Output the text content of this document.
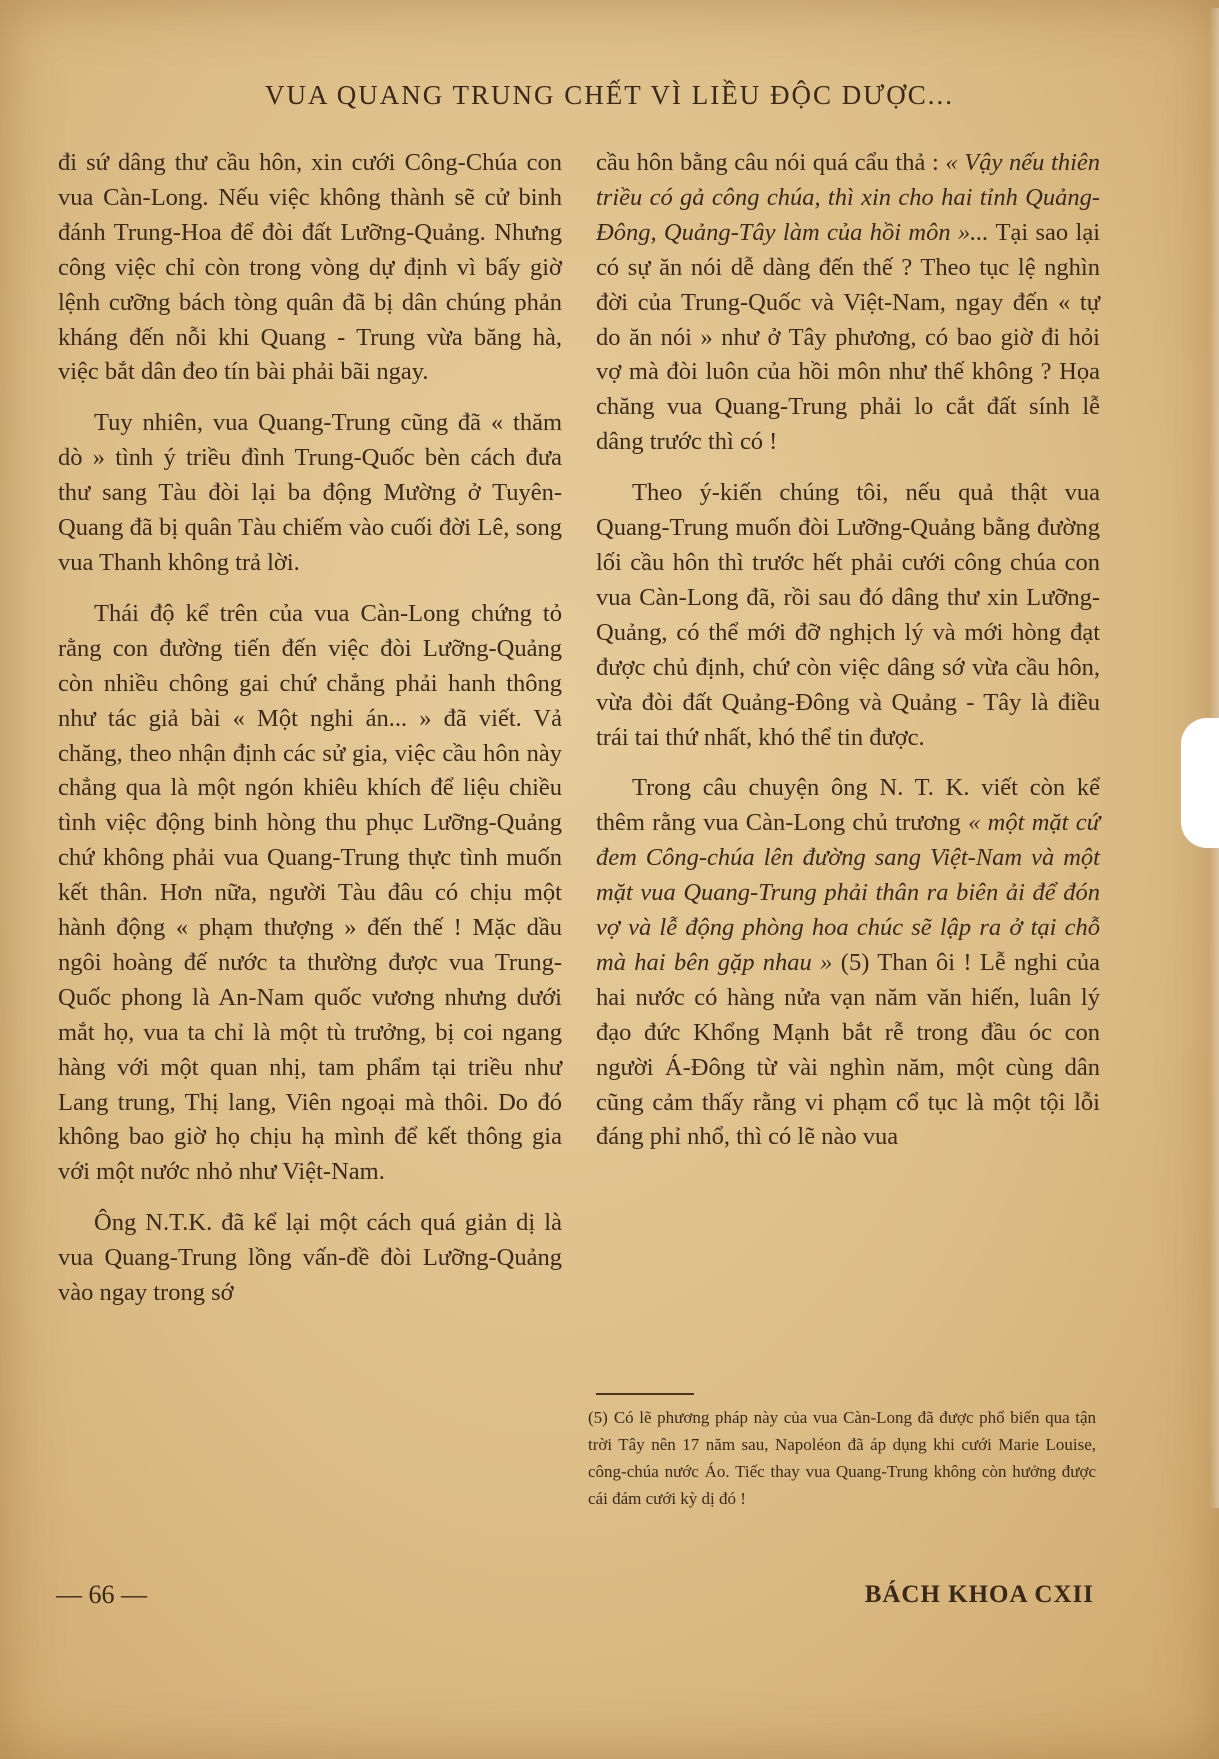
VUA QUANG TRUNG CHẾT VÌ LIỀU ĐỘC DƯỢC...

đi sứ dâng thư cầu hôn, xin cưới Công-Chúa con vua Càn-Long. Nếu việc không thành sẽ cử binh đánh Trung-Hoa để đòi đất Lưỡng-Quảng. Nhưng công việc chỉ còn trong vòng dự định vì bấy giờ lệnh cưỡng bách tòng quân đã bị dân chúng phản kháng đến nỗi khi Quang - Trung vừa băng hà, việc bắt dân đeo tín bài phải bãi ngay.

Tuy nhiên, vua Quang-Trung cũng đã « thăm dò » tình ý triều đình Trung-Quốc bèn cách đưa thư sang Tàu đòi lại ba động Mường ở Tuyên-Quang đã bị quân Tàu chiếm vào cuối đời Lê, song vua Thanh không trả lời.

Thái độ kể trên của vua Càn-Long chứng tỏ rằng con đường tiến đến việc đòi Lưỡng-Quảng còn nhiều chông gai chứ chẳng phải hanh thông như tác giả bài « Một nghi án... » đã viết. Vả chăng, theo nhận định các sử gia, việc cầu hôn này chẳng qua là một ngón khiêu khích để liệu chiều tình việc động binh hòng thu phục Lưỡng-Quảng chứ không phải vua Quang-Trung thực tình muốn kết thân. Hơn nữa, người Tàu đâu có chịu một hành động « phạm thượng » đến thế ! Mặc dầu ngôi hoàng đế nước ta thường được vua Trung-Quốc phong là An-Nam quốc vương nhưng dưới mắt họ, vua ta chỉ là một tù trưởng, bị coi ngang hàng với một quan nhị, tam phẩm tại triều như Lang trung, Thị lang, Viên ngoại mà thôi. Do đó không bao giờ họ chịu hạ mình để kết thông gia với một nước nhỏ như Việt-Nam.

Ông N.T.K. đã kể lại một cách quá giản dị là vua Quang-Trung lồng vấn-đề đòi Lưỡng-Quảng vào ngay trong sớ

cầu hôn bằng câu nói quá cẩu thả : « Vậy nếu thiên triều có gả công chúa, thì xin cho hai tỉnh Quảng-Đông, Quảng-Tây làm của hồi môn »... Tại sao lại có sự ăn nói dễ dàng đến thế ? Theo tục lệ nghìn đời của Trung-Quốc và Việt-Nam, ngay đến « tự do ăn nói » như ở Tây phương, có bao giờ đi hỏi vợ mà đòi luôn của hồi môn như thế không ? Họa chăng vua Quang-Trung phải lo cắt đất sính lễ dâng trước thì có !

Theo ý-kiến chúng tôi, nếu quả thật vua Quang-Trung muốn đòi Lưỡng-Quảng bằng đường lối cầu hôn thì trước hết phải cưới công chúa con vua Càn-Long đã, rồi sau đó dâng thư xin Lưỡng-Quảng, có thể mới đỡ nghịch lý và mới hòng đạt được chủ định, chứ còn việc dâng sớ vừa cầu hôn, vừa đòi đất Quảng-Đông và Quảng - Tây là điều trái tai thứ nhất, khó thể tin được.

Trong câu chuyện ông N. T. K. viết còn kể thêm rằng vua Càn-Long chủ trương « một mặt cứ đem Công-chúa lên đường sang Việt-Nam và một mặt vua Quang-Trung phải thân ra biên ải để đón vợ và lễ động phòng hoa chúc sẽ lập ra ở tại chỗ mà hai bên gặp nhau » (5) Than ôi ! Lễ nghi của hai nước có hàng nửa vạn năm văn hiến, luân lý đạo đức Khổng Mạnh bắt rễ trong đầu óc con người Á-Đông từ vài nghìn năm, một cùng dân cũng cảm thấy rằng vi phạm cổ tục là một tội lỗi đáng phỉ nhổ, thì có lẽ nào vua

(5) Có lẽ phương pháp này của vua Càn-Long đã được phổ biến qua tận trời Tây nên 17 năm sau, Napoléon đã áp dụng khi cưới Marie Louise, công-chúa nước Áo. Tiếc thay vua Quang-Trung không còn hưởng được cái đám cưới kỳ dị đó !
— 66 —	BÁCH KHOA CXII
